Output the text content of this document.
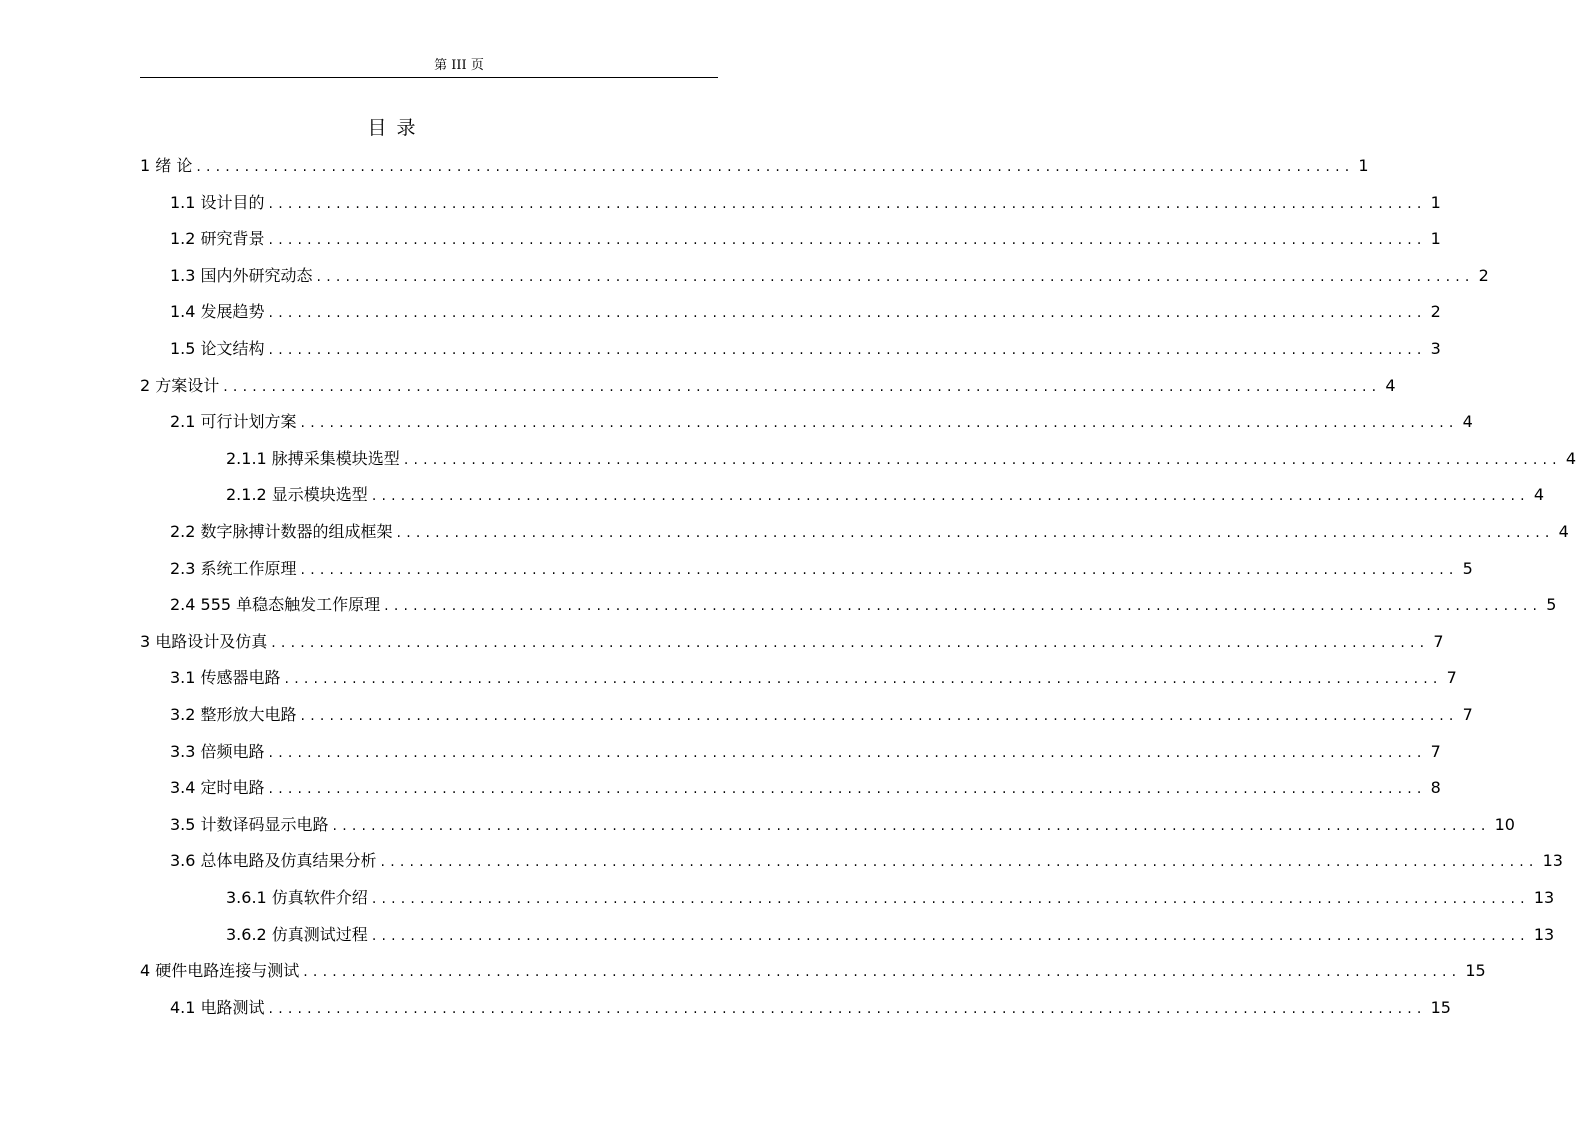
第 III 页
目录
1 绪 论 ........................................................................................................................ 1
1.1 设计目的 ........................................................................................................................ 1
1.2 研究背景 ........................................................................................................................ 1
1.3 国内外研究动态 ........................................................................................................................ 2
1.4 发展趋势 ........................................................................................................................ 2
1.5 论文结构 ........................................................................................................................ 3
2 方案设计 ........................................................................................................................ 4
2.1 可行计划方案 ........................................................................................................................ 4
2.1.1 脉搏采集模块选型 ........................................................................................................................ 4
2.1.2 显示模块选型 ........................................................................................................................ 4
2.2 数字脉搏计数器的组成框架 ........................................................................................................................ 4
2.3 系统工作原理 ........................................................................................................................ 5
2.4 555 单稳态触发工作原理 ........................................................................................................................ 5
3 电路设计及仿真 ........................................................................................................................ 7
3.1 传感器电路 ........................................................................................................................ 7
3.2 整形放大电路 ........................................................................................................................ 7
3.3 倍频电路 ........................................................................................................................ 7
3.4 定时电路 ........................................................................................................................ 8
3.5 计数译码显示电路 ........................................................................................................................ 10
3.6 总体电路及仿真结果分析 ........................................................................................................................ 13
3.6.1 仿真软件介绍 ........................................................................................................................ 13
3.6.2 仿真测试过程 ........................................................................................................................ 13
4 硬件电路连接与测试 ........................................................................................................................ 15
4.1 电路测试 ........................................................................................................................ 15
